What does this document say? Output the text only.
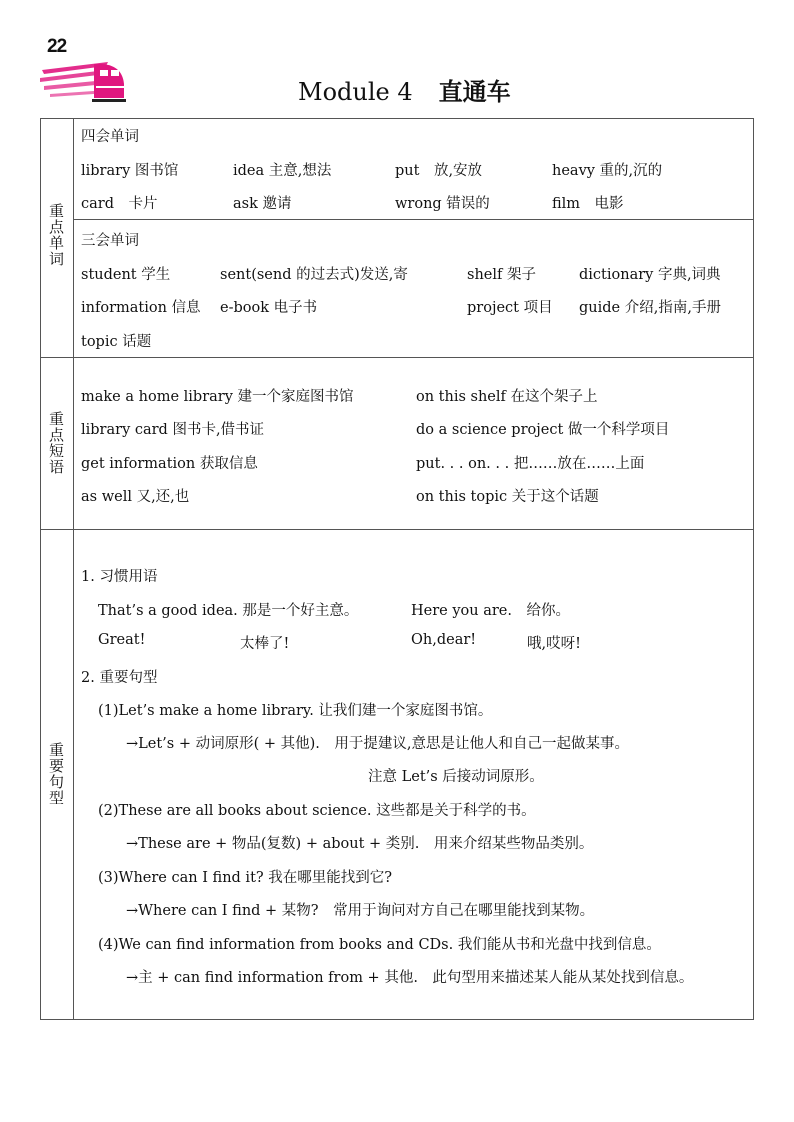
22
Module 4 直通车
重
点
单
词
重
点
短
语
重
要
句
型
四会单词
library 图书馆	idea 主意,想法	put　放,安放	heavy 重的,沉的
card　卡片	ask 邀请	wrong 错误的	film　电影
三会单词
student 学生	sent(send 的过去式)发送,寄	shelf 架子	dictionary 字典,词典
information 信息 e-book 电子书	project 项目 guide 介绍,指南,手册
topic 话题
make a home library 建一个家庭图书馆	on this shelf 在这个架子上
library card 图书卡,借书证	do a science project 做一个科学项目
get information 获取信息	put. . . on. . . 把……放在……上面
as well 又,还,也	on this topic 关于这个话题
1. 习惯用语
That’s a good idea. 那是一个好主意。	Here you are.　给你。
Great!	太棒了!	Oh,dear!	哦,哎呀!
2. 重要句型
(1)Let’s make a home library. 让我们建一个家庭图书馆。
→Let’s + 动词原形( + 其他).　用于提建议,意思是让他人和自己一起做某事。
注意 Let’s 后接动词原形。
(2)These are all books about science. 这些都是关于科学的书。
→These are + 物品(复数) + about + 类别.　用来介绍某些物品类别。
(3)Where can I find it? 我在哪里能找到它?
→Where can I find + 某物?　常用于询问对方自己在哪里能找到某物。
(4)We can find information from books and CDs. 我们能从书和光盘中找到信息。
→主 + can find information from + 其他.　此句型用来描述某人能从某处找到信息。
